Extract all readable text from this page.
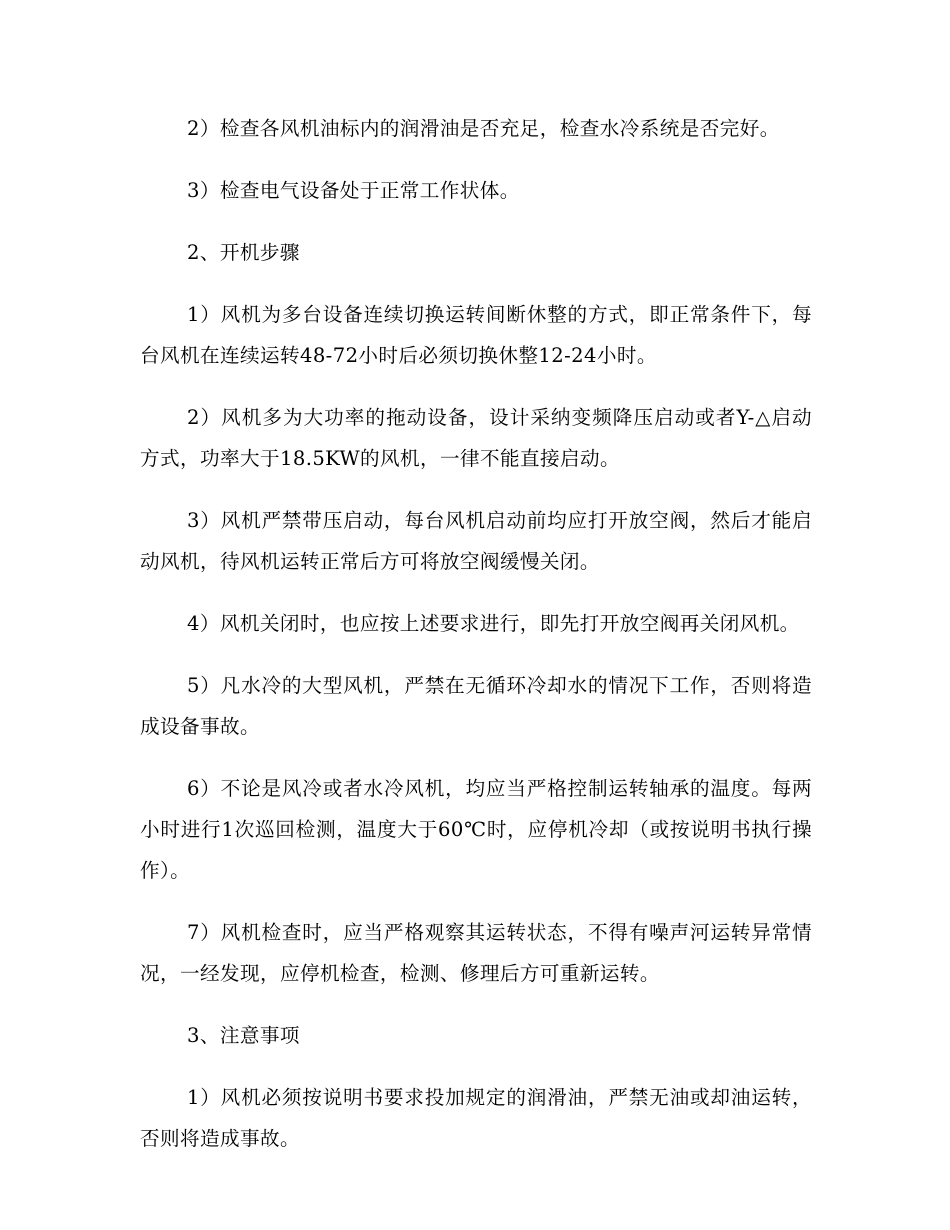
2）检查各风机油标内的润滑油是否充足，检查水冷系统是否完好。

3）检查电气设备处于正常工作状体。

2、开机步骤

1）风机为多台设备连续切换运转间断休整的方式，即正常条件下，每台风机在连续运转48-72小时后必须切换休整12-24小时。

2）风机多为大功率的拖动设备，设计采纳变频降压启动或者Y-△启动方式，功率大于18.5KW的风机，一律不能直接启动。

3）风机严禁带压启动，每台风机启动前均应打开放空阀，然后才能启动风机，待风机运转正常后方可将放空阀缓慢关闭。

4）风机关闭时，也应按上述要求进行，即先打开放空阀再关闭风机。

5）凡水冷的大型风机，严禁在无循环冷却水的情况下工作，否则将造成设备事故。

6）不论是风冷或者水冷风机，均应当严格控制运转轴承的温度。每两小时进行1次巡回检测，温度大于60℃时，应停机冷却（或按说明书执行操作）。

7）风机检查时，应当严格观察其运转状态，不得有噪声河运转异常情况，一经发现，应停机检查，检测、修理后方可重新运转。

3、注意事项

1）风机必须按说明书要求投加规定的润滑油，严禁无油或却油运转，否则将造成事故。
